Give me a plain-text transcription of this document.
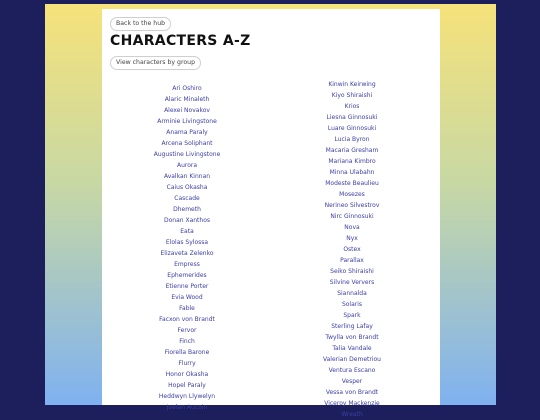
Back to the hub
CHARACTERS A-Z
View characters by group
Ari Oshiro
Alaric Minaleth
Alexei Novakov
Arminie Livingstone
Anama Paraly
Arcena Soliphant
Augustine Livingstone
Aurora
Avalkan Kinnan
Caius Okasha
Cascade
Dhemeth
Donan Xanthos
Eata
Elolas Sylossa
Elizaveta Zelenko
Empress
Ephemerides
Etienne Porter
Evia Wood
Fable
Facxon von Brandt
Fervor
Finch
Fiorella Barone
Flurry
Honor Okasha
Hopel Paraly
Heddwyn Llywelyn
Joelan Aucoin
Kinwin Keirwing
Kiyo Shiraishi
Krios
Liesna Ginnosuki
Luare Ginnosuki
Lucia Byron
Macaria Gresham
Mariana Kimbro
Minna Ulabahn
Modeste Beaulieu
Mosezes
Nerineo Silvestrov
Nirc Ginnosuki
Nova
Nyx
Ostex
Parallax
Seiko Shiraishi
Silvine Ververs
Siannalda
Solaris
Spark
Sterling Lafay
Twylla von Brandt
Talia Vandale
Valerian Demetriou
Ventura Escano
Vesper
Vessa von Brandt
Viceroy Mackenzie
Wreath
